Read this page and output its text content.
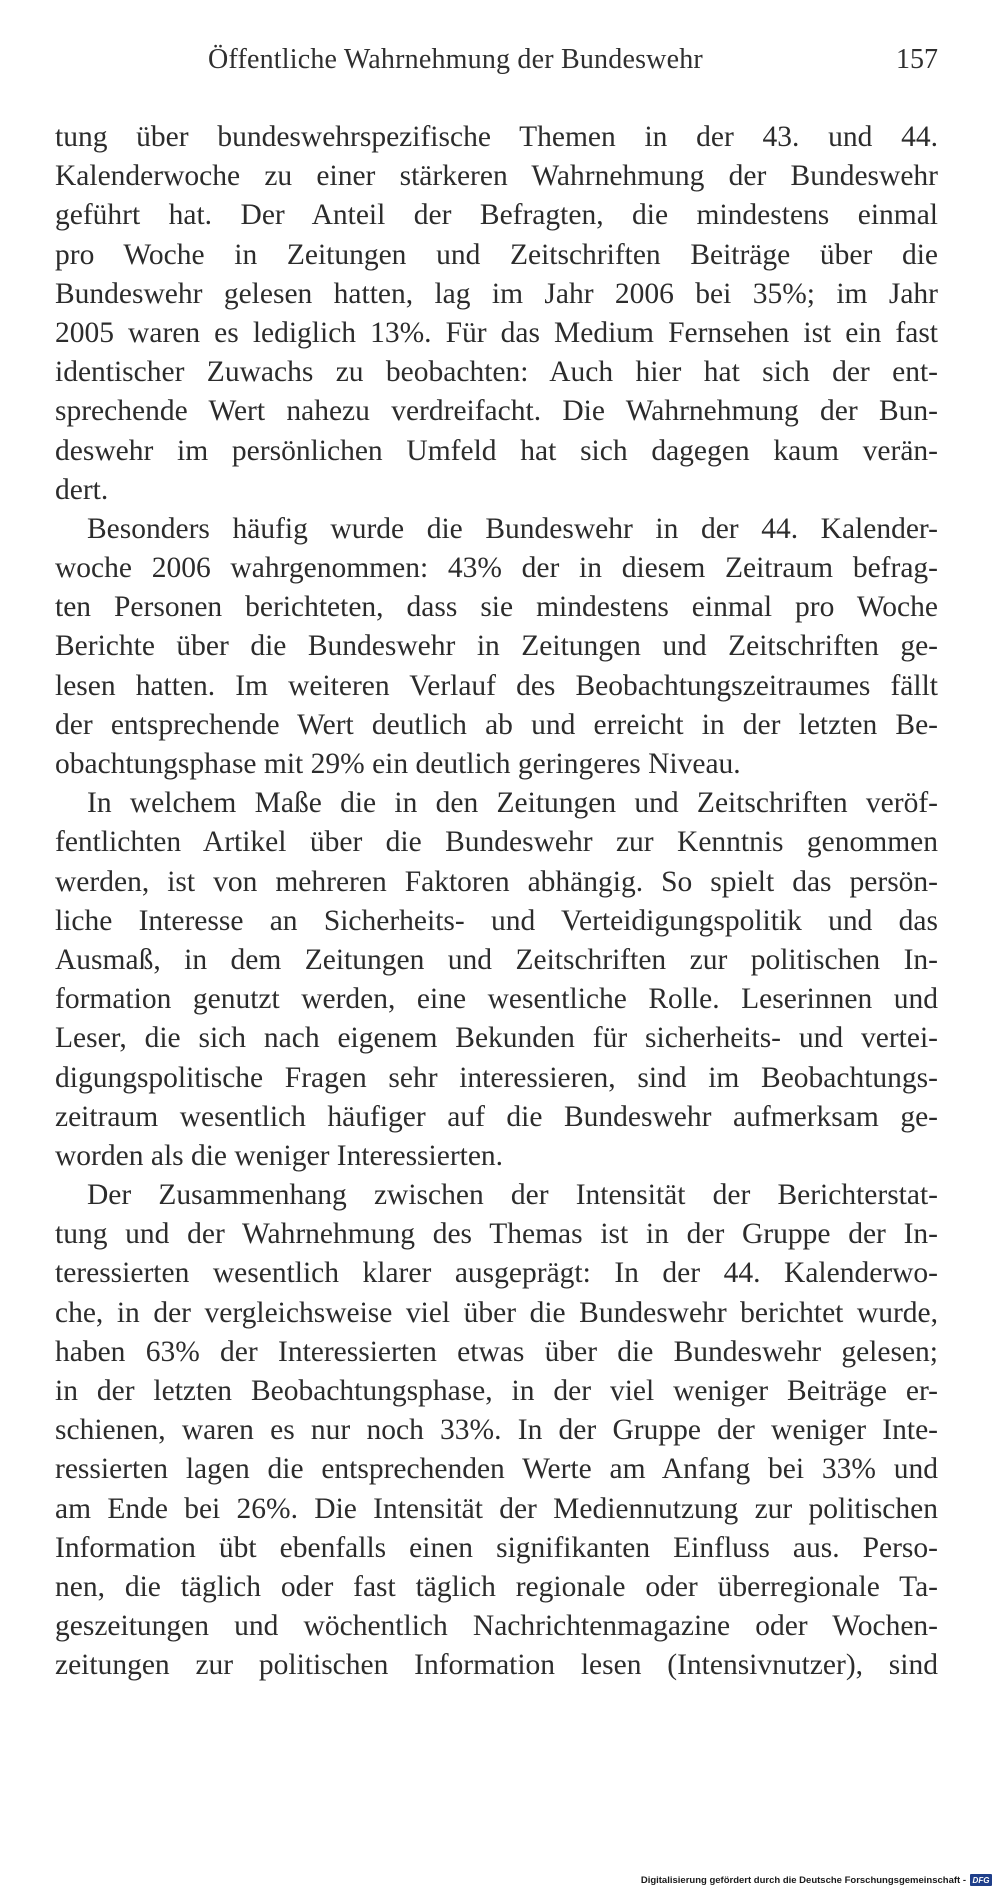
Öffentliche Wahrnehmung der Bundeswehr	157
tung über bundeswehrspezifische Themen in der 43. und 44.
Kalenderwoche zu einer stärkeren Wahrnehmung der Bundeswehr
geführt hat. Der Anteil der Befragten, die mindestens einmal
pro Woche in Zeitungen und Zeitschriften Beiträge über die
Bundeswehr gelesen hatten, lag im Jahr 2006 bei 35%; im Jahr
2005 waren es lediglich 13%. Für das Medium Fernsehen ist ein fast
identischer Zuwachs zu beobachten: Auch hier hat sich der ent-
sprechende Wert nahezu verdreifacht. Die Wahrnehmung der Bun-
deswehr im persönlichen Umfeld hat sich dagegen kaum verän-
dert.
Besonders häufig wurde die Bundeswehr in der 44. Kalender-
woche 2006 wahrgenommen: 43% der in diesem Zeitraum befrag-
ten Personen berichteten, dass sie mindestens einmal pro Woche
Berichte über die Bundeswehr in Zeitungen und Zeitschriften ge-
lesen hatten. Im weiteren Verlauf des Beobachtungszeitraumes fällt
der entsprechende Wert deutlich ab und erreicht in der letzten Be-
obachtungsphase mit 29% ein deutlich geringeres Niveau.
In welchem Maße die in den Zeitungen und Zeitschriften veröf-
fentlichten Artikel über die Bundeswehr zur Kenntnis genommen
werden, ist von mehreren Faktoren abhängig. So spielt das persön-
liche Interesse an Sicherheits- und Verteidigungspolitik und das
Ausmaß, in dem Zeitungen und Zeitschriften zur politischen In-
formation genutzt werden, eine wesentliche Rolle. Leserinnen und
Leser, die sich nach eigenem Bekunden für sicherheits- und vertei-
digungspolitische Fragen sehr interessieren, sind im Beobachtungs-
zeitraum wesentlich häufiger auf die Bundeswehr aufmerksam ge-
worden als die weniger Interessierten.
Der Zusammenhang zwischen der Intensität der Berichterstat-
tung und der Wahrnehmung des Themas ist in der Gruppe der In-
teressierten wesentlich klarer ausgeprägt: In der 44. Kalenderwo-
che, in der vergleichsweise viel über die Bundeswehr berichtet wurde,
haben 63% der Interessierten etwas über die Bundeswehr gelesen;
in der letzten Beobachtungsphase, in der viel weniger Beiträge er-
schienen, waren es nur noch 33%. In der Gruppe der weniger Inte-
ressierten lagen die entsprechenden Werte am Anfang bei 33% und
am Ende bei 26%. Die Intensität der Mediennutzung zur politischen
Information übt ebenfalls einen signifikanten Einfluss aus. Perso-
nen, die täglich oder fast täglich regionale oder überregionale Ta-
geszeitungen und wöchentlich Nachrichtenmagazine oder Wochen-
zeitungen zur politischen Information lesen (Intensivnutzer), sind
Digitalisierung gefördert durch die Deutsche Forschungsgemeinschaft - DFG
